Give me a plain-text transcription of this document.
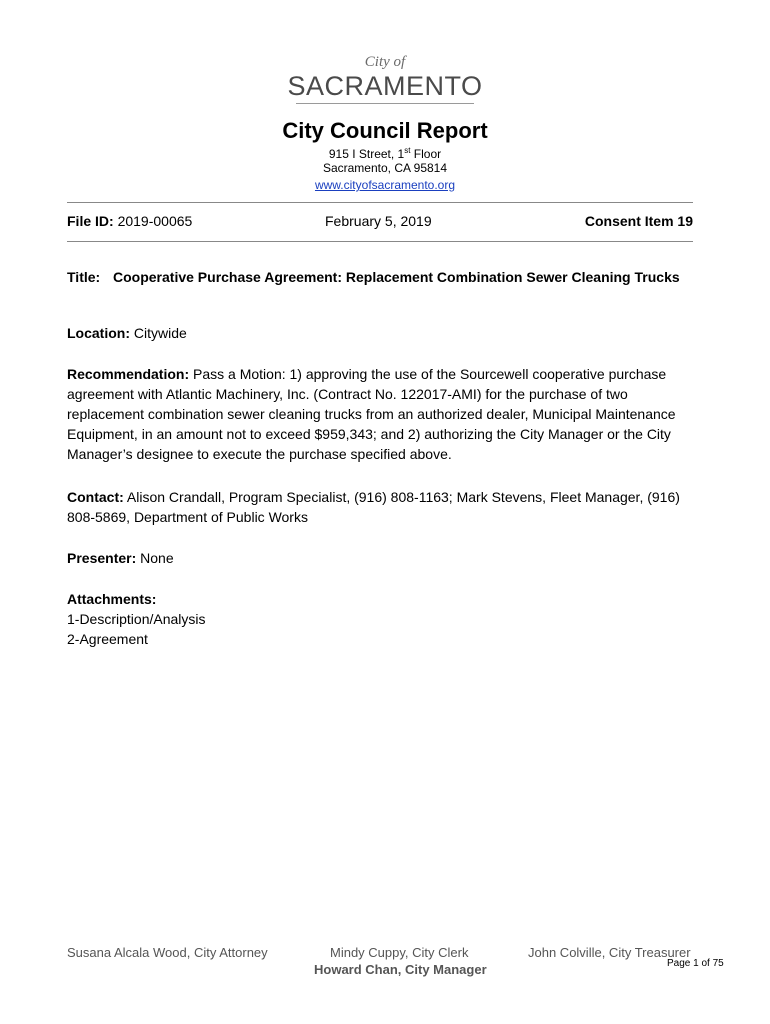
City of
SACRAMENTO
City Council Report
915 I Street, 1st Floor
Sacramento, CA 95814
www.cityofsacramento.org
File ID: 2019-00065	February 5, 2019	Consent Item 19
Title: Cooperative Purchase Agreement: Replacement Combination Sewer Cleaning Trucks
Location: Citywide
Recommendation: Pass a Motion: 1) approving the use of the Sourcewell cooperative purchase agreement with Atlantic Machinery, Inc. (Contract No. 122017-AMI) for the purchase of two replacement combination sewer cleaning trucks from an authorized dealer, Municipal Maintenance Equipment, in an amount not to exceed $959,343; and 2) authorizing the City Manager or the City Manager’s designee to execute the purchase specified above.
Contact: Alison Crandall, Program Specialist, (916) 808-1163; Mark Stevens, Fleet Manager, (916) 808-5869, Department of Public Works
Presenter: None
Attachments:
1-Description/Analysis
2-Agreement
Susana Alcala Wood, City Attorney	Mindy Cuppy, City Clerk	John Colville, City Treasurer
Howard Chan, City Manager	Page 1 of 75
